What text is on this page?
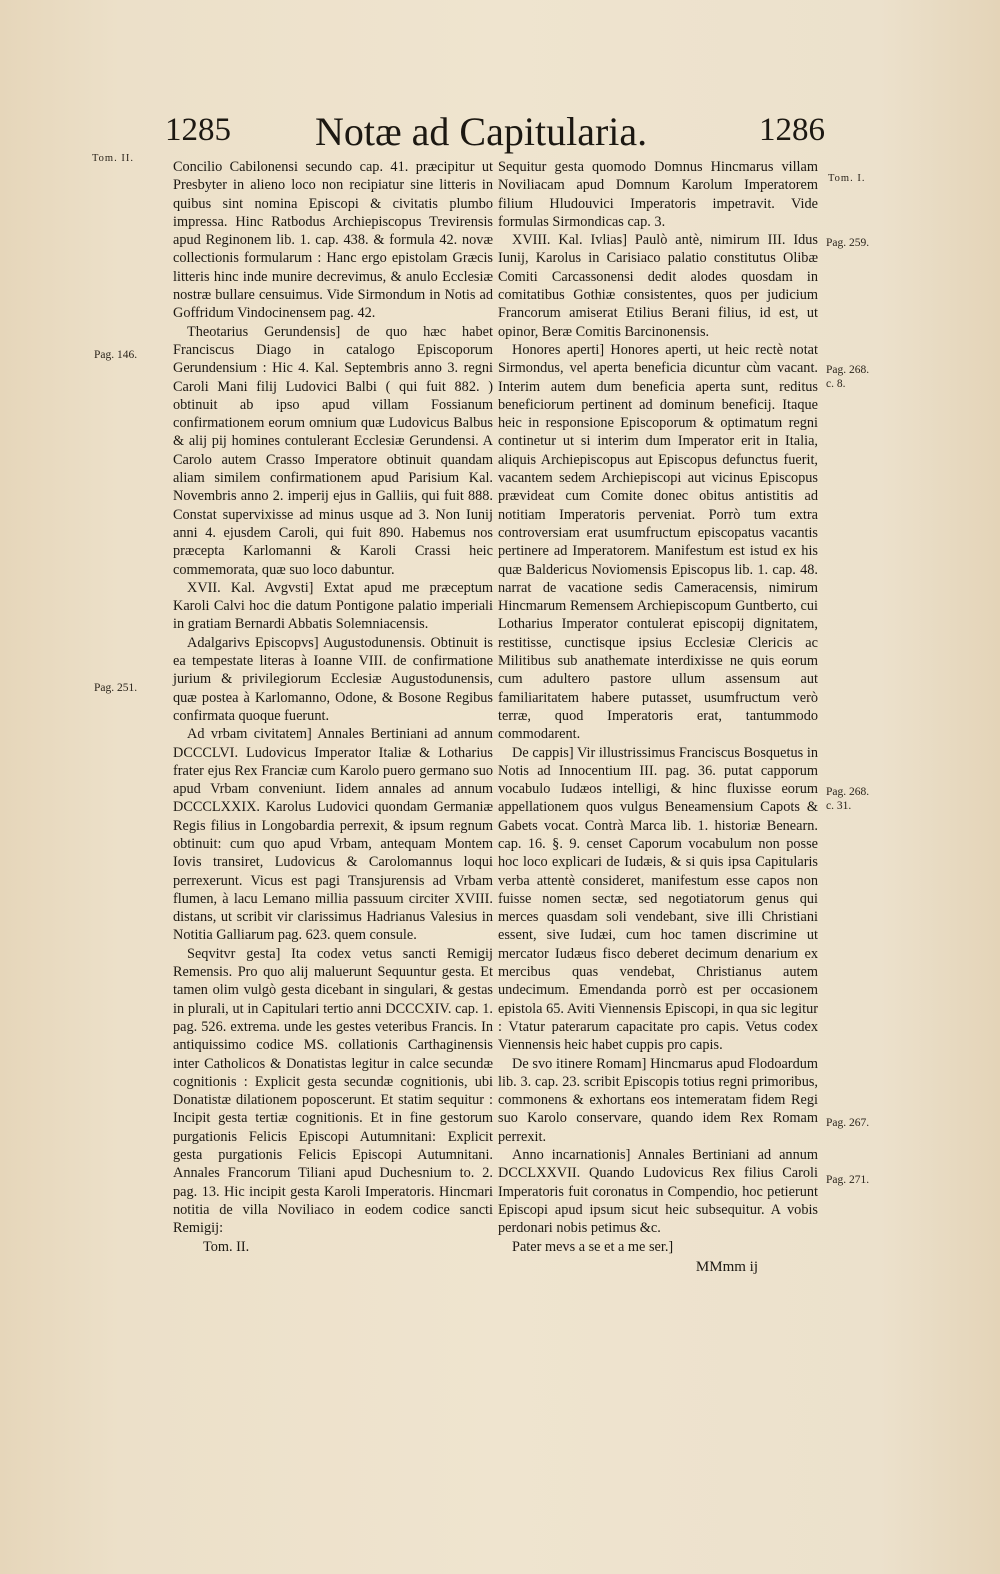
1285 Notæ ad Capitularia.	1286
Tom. II.
Pag. 146.
Pag. 251.
Tom. I.
Pag. 259.
Pag. 268.
c. 8.
Pag. 268.
c. 31.
Pag. 267.
Pag. 271.

Concilio Cabilonensi secundo cap. 41. præcipitur ut Presbyter in alieno loco non recipiatur sine litteris in quibus sint nomina Episcopi & civitatis plumbo impressa. Hinc Ratbodus Archiepiscopus Trevirensis apud Reginonem lib. 1. cap. 438. & formula 42. novæ collectionis formularum : Hanc ergo epistolam Græcis litteris hinc inde munire decrevimus, & anulo Ecclesiæ nostræ bullare censuimus. Vide Sirmondum in Notis ad Goffridum Vindocinensem pag. 42.

Theotarius Gerundensis] de quo hæc habet Franciscus Diago in catalogo Episcoporum Gerundensium : Hic 4. Kal. Septembris anno 3. regni Caroli Mani filij Ludovici Balbi ( qui fuit 882. ) obtinuit ab ipso apud villam Fossianum confirmationem eorum omnium quæ Ludovicus Balbus & alij pij homines contulerant Ecclesiæ Gerundensi. A Carolo autem Crasso Imperatore obtinuit quandam aliam similem confirmationem apud Parisium Kal. Novembris anno 2. imperij ejus in Galliis, qui fuit 888. Constat supervixisse ad minus usque ad 3. Non Iunij anni 4. ejusdem Caroli, qui fuit 890. Habemus nos præcepta Karlomanni & Karoli Crassi heic commemorata, quæ suo loco dabuntur.

XVII. Kal. Avgvsti] Extat apud me præceptum Karoli Calvi hoc die datum Pontigone palatio imperiali in gratiam Bernardi Abbatis Solemniacensis.

Adalgarivs Episcopvs] Augustodunensis. Obtinuit is ea tempestate literas à Ioanne VIII. de confirmatione jurium & privilegiorum Ecclesiæ Augustodunensis, quæ postea à Karlomanno, Odone, & Bosone Regibus confirmata quoque fuerunt.

Ad vrbam civitatem] Annales Bertiniani ad annum DCCCLVI. Ludovicus Imperator Italiæ & Lotharius frater ejus Rex Franciæ cum Karolo puero germano suo apud Vrbam conveniunt. Iidem annales ad annum DCCCLXXIX. Karolus Ludovici quondam Germaniæ Regis filius in Longobardia perrexit, & ipsum regnum obtinuit: cum quo apud Vrbam, antequam Montem Iovis transiret, Ludovicus & Carolomannus loqui perrexerunt. Vicus est pagi Transjurensis ad Vrbam flumen, à lacu Lemano millia passuum circiter XVIII. distans, ut scribit vir clarissimus Hadrianus Valesius in Notitia Galliarum pag. 623. quem consule.

Seqvitvr gesta] Ita codex vetus sancti Remigij Remensis. Pro quo alij maluerunt Sequuntur gesta. Et tamen olim vulgò gesta dicebant in singulari, & gestas in plurali, ut in Capitulari tertio anni DCCCXIV. cap. 1. pag. 526. extrema. unde les gestes veteribus Francis. In antiquissimo codice MS. collationis Carthaginensis inter Catholicos & Donatistas legitur in calce secundæ cognitionis : Explicit gesta secundæ cognitionis, ubi Donatistæ dilationem poposcerunt. Et statim sequitur : Incipit gesta tertiæ cognitionis. Et in fine gestorum purgationis Felicis Episcopi Autumnitani: Explicit gesta purgationis Felicis Episcopi Autumnitani. Annales Francorum Tiliani apud Duchesnium to. 2. pag. 13. Hic incipit gesta Karoli Imperatoris. Hincmari notitia de villa Noviliaco in eodem codice sancti Remigij:

Tom. II.

Sequitur gesta quomodo Domnus Hincmarus villam Noviliacam apud Domnum Karolum Imperatorem filium Hludouvici Imperatoris impetravit. Vide formulas Sirmondicas cap. 3.

XVIII. Kal. Ivlias] Paulò antè, nimirum III. Idus Iunij, Karolus in Carisiaco palatio constitutus Olibæ Comiti Carcassonensi dedit alodes quosdam in comitatibus Gothiæ consistentes, quos per judicium Francorum amiserat Etilius Berani filius, id est, ut opinor, Beræ Comitis Barcinonensis.

Honores aperti] Honores aperti, ut heic rectè notat Sirmondus, vel aperta beneficia dicuntur cùm vacant. Interim autem dum beneficia aperta sunt, reditus beneficiorum pertinent ad dominum beneficij. Itaque heic in responsione Episcoporum & optimatum regni continetur ut si interim dum Imperator erit in Italia, aliquis Archiepiscopus aut Episcopus defunctus fuerit, vacantem sedem Archiepiscopi aut vicinus Episcopus prævideat cum Comite donec obitus antistitis ad notitiam Imperatoris perveniat. Porrò tum extra controversiam erat usumfructum episcopatus vacantis pertinere ad Imperatorem. Manifestum est istud ex his quæ Baldericus Noviomensis Episcopus lib. 1. cap. 48. narrat de vacatione sedis Cameracensis, nimirum Hincmarum Remensem Archiepiscopum Guntberto, cui Lotharius Imperator contulerat episcopij dignitatem, restitisse, cunctisque ipsius Ecclesiæ Clericis ac Militibus sub anathemate interdixisse ne quis eorum cum adultero pastore ullum assensum aut familiaritatem habere putasset, usumfructum verò terræ, quod Imperatoris erat, tantummodo commodarent.

De cappis] Vir illustrissimus Franciscus Bosquetus in Notis ad Innocentium III. pag. 36. putat capporum vocabulo Iudæos intelligi, & hinc fluxisse eorum appellationem quos vulgus Beneamensium Capots & Gabets vocat. Contrà Marca lib. 1. historiæ Benearn. cap. 16. §. 9. censet Caporum vocabulum non posse hoc loco explicari de Iudæis, & si quis ipsa Capitularis verba attentè consideret, manifestum esse capos non fuisse nomen sectæ, sed negotiatorum genus qui merces quasdam soli vendebant, sive illi Christiani essent, sive Iudæi, cum hoc tamen discrimine ut mercator Iudæus fisco deberet decimum denarium ex mercibus quas vendebat, Christianus autem undecimum. Emendanda porrò est per occasionem epistola 65. Aviti Viennensis Episcopi, in qua sic legitur : Vtatur paterarum capacitate pro capis. Vetus codex Viennensis heic habet cuppis pro capis.

De svo itinere Romam] Hincmarus apud Flodoardum lib. 3. cap. 23. scribit Episcopis totius regni primoribus, commonens & exhortans eos intemeratam fidem Regi suo Karolo conservare, quando idem Rex Romam perrexit.

Anno incarnationis] Annales Bertiniani ad annum DCCLXXVII. Quando Ludovicus Rex filius Caroli Imperatoris fuit coronatus in Compendio, hoc petierunt Episcopi apud ipsum sicut heic subsequitur. A vobis perdonari nobis petimus &c.

Pater mevs a se et a me ser.]

MMmm ij
